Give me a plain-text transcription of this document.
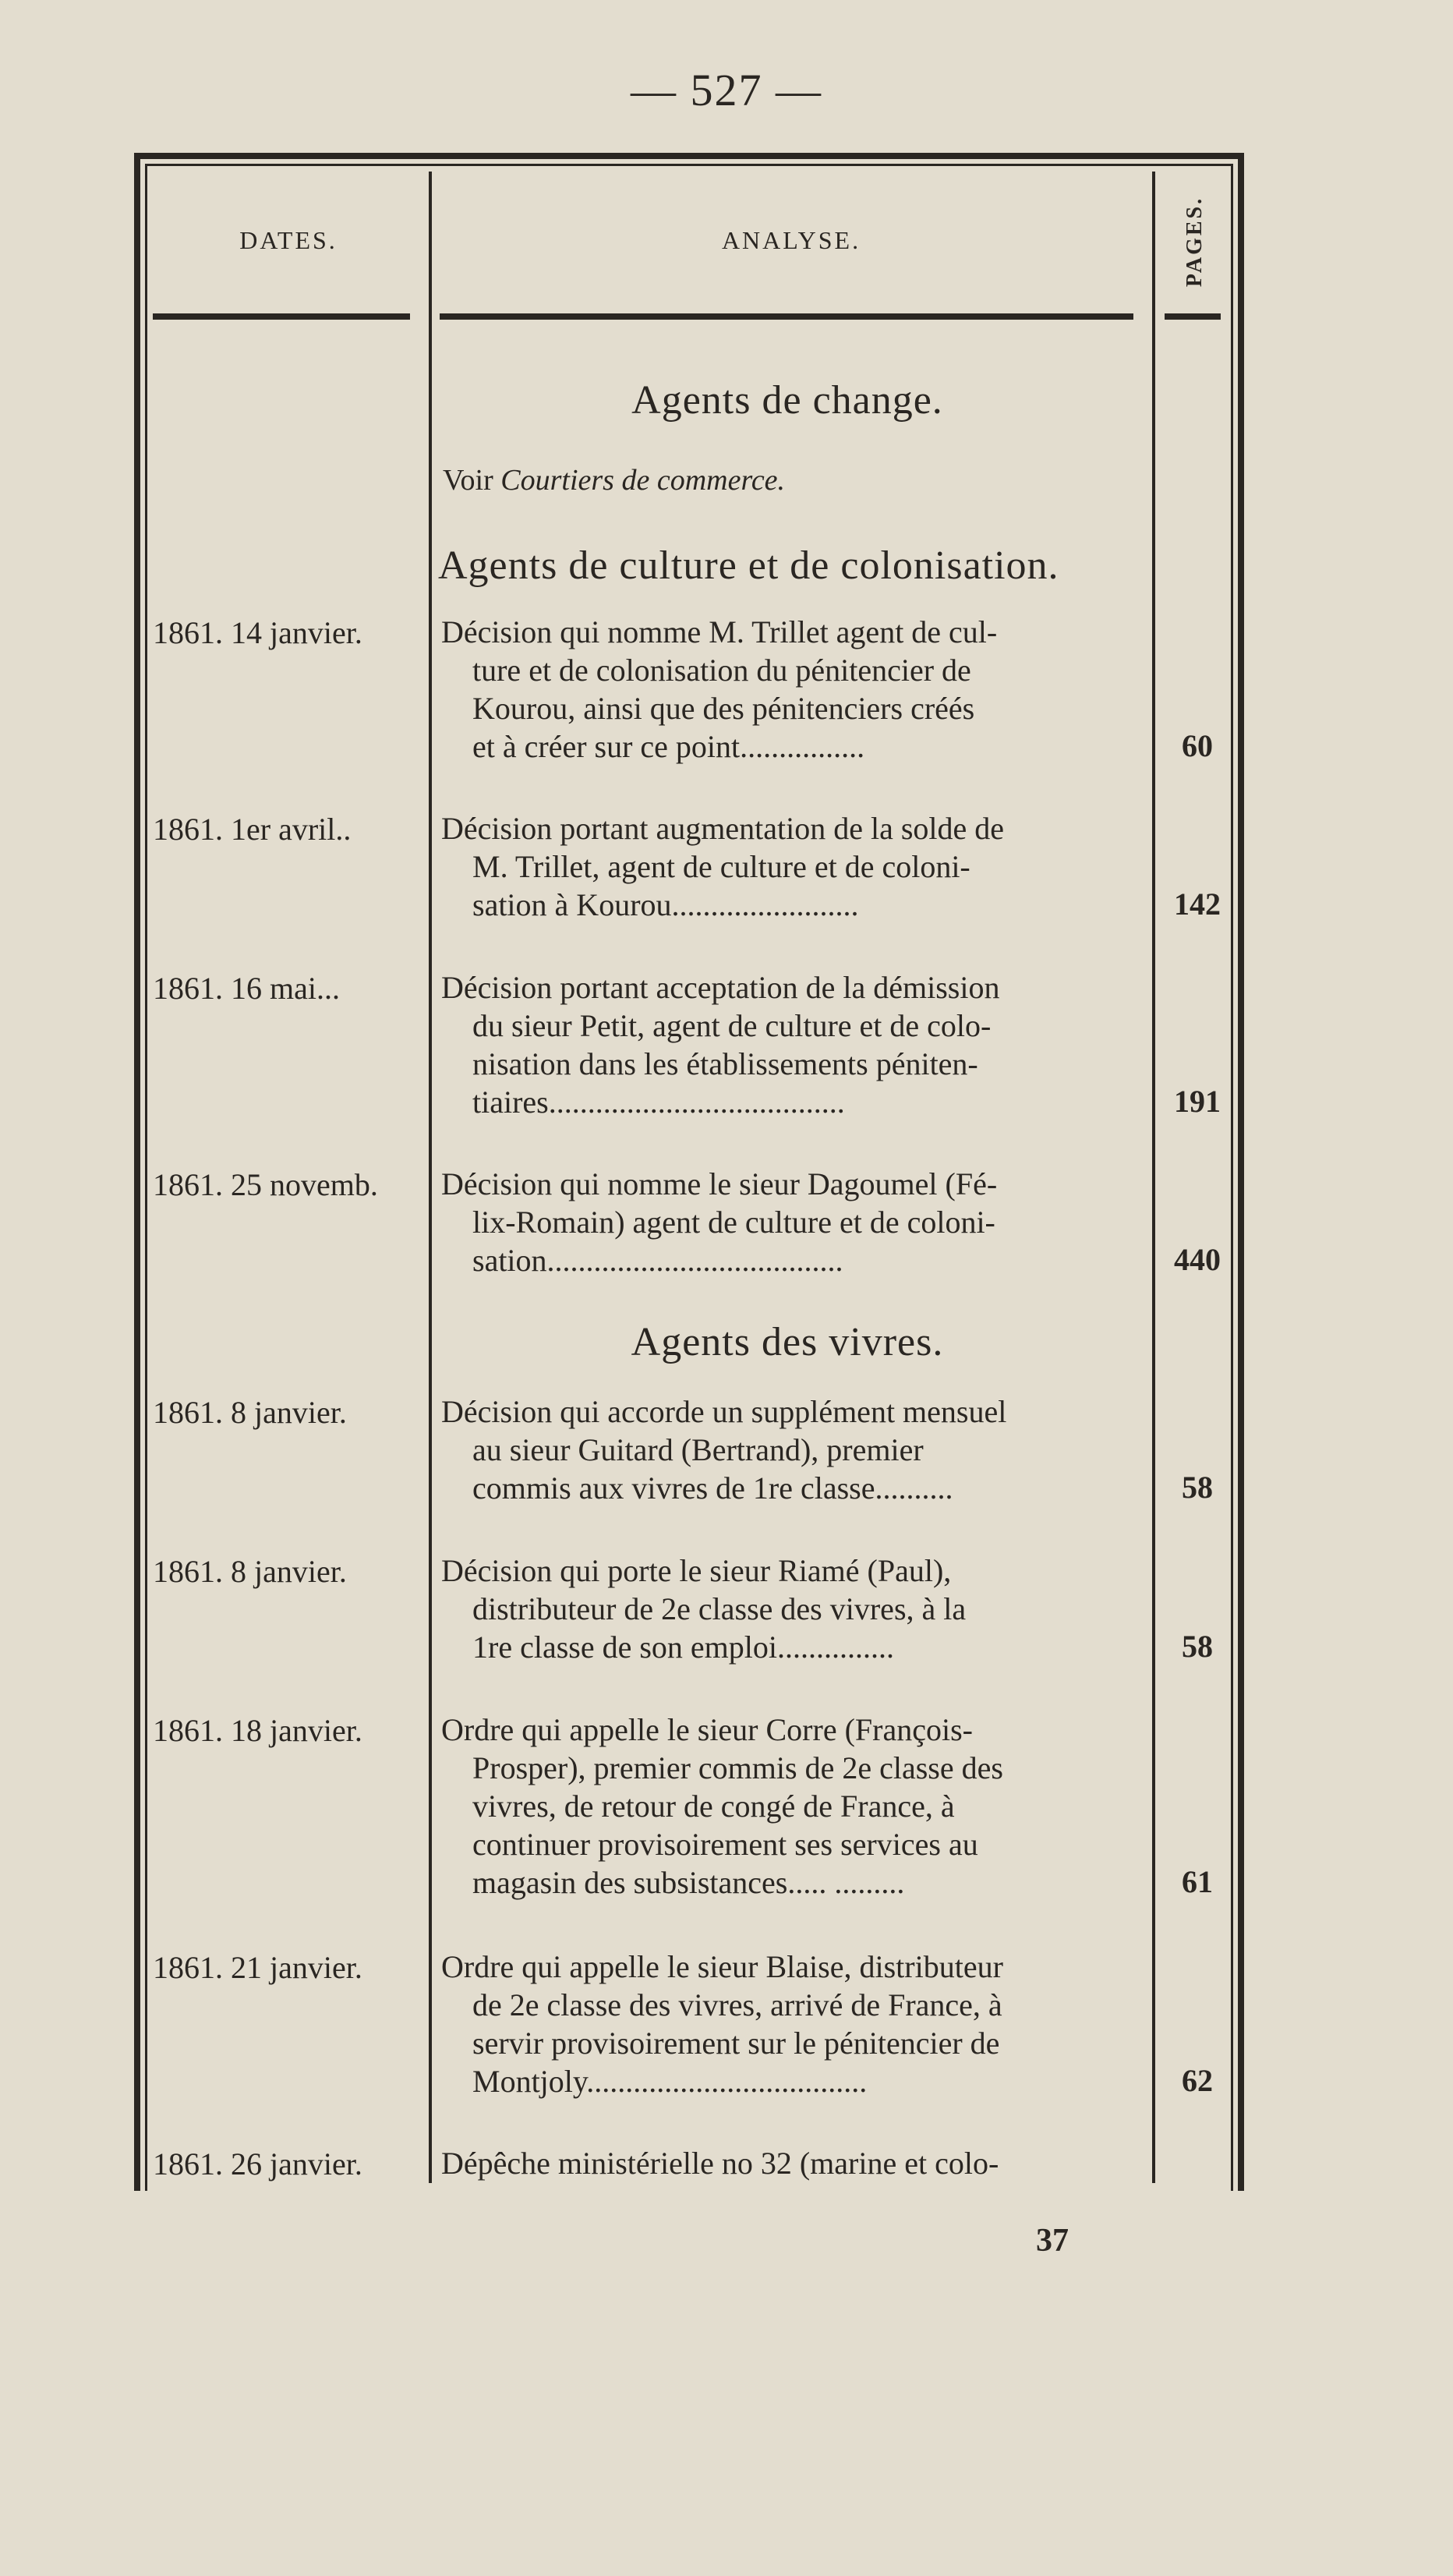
— 527 —
DATES.	ANALYSE.	PAGES.
Agents de change.
Voir Courtiers de commerce.
Agents de culture et de colonisation.
1861. 14 janvier.	Décision qui nomme M. Trillet agent de cul-
ture et de colonisation du pénitencier de
Kourou, ainsi que des pénitenciers créés
et à créer sur ce point................	60
1861. 1er avril..	Décision portant augmentation de la solde de
M. Trillet, agent de culture et de coloni-
sation à Kourou........................	142
1861. 16 mai...	Décision portant acceptation de la démission
du sieur Petit, agent de culture et de colo-
nisation dans les établissements péniten-
tiaires......................................	191
1861. 25 novemb.	Décision qui nomme le sieur Dagoumel (Fé-
lix-Romain) agent de culture et de coloni-
sation......................................	440
Agents des vivres.
1861. 8 janvier.	Décision qui accorde un supplément mensuel
au sieur Guitard (Bertrand), premier
commis aux vivres de 1re classe..........	58
1861. 8 janvier.	Décision qui porte le sieur Riamé (Paul),
distributeur de 2e classe des vivres, à la
1re classe de son emploi...............	58
1861. 18 janvier.	Ordre qui appelle le sieur Corre (François-
Prosper), premier commis de 2e classe des
vivres, de retour de congé de France, à
continuer provisoirement ses services au
magasin des subsistances..... .........	61
1861. 21 janvier.	Ordre qui appelle le sieur Blaise, distributeur
de 2e classe des vivres, arrivé de France, à
servir provisoirement sur le pénitencier de
Montjoly....................................	62
1861. 26 janvier.	Dépêche ministérielle no 32 (marine et colo-
37
